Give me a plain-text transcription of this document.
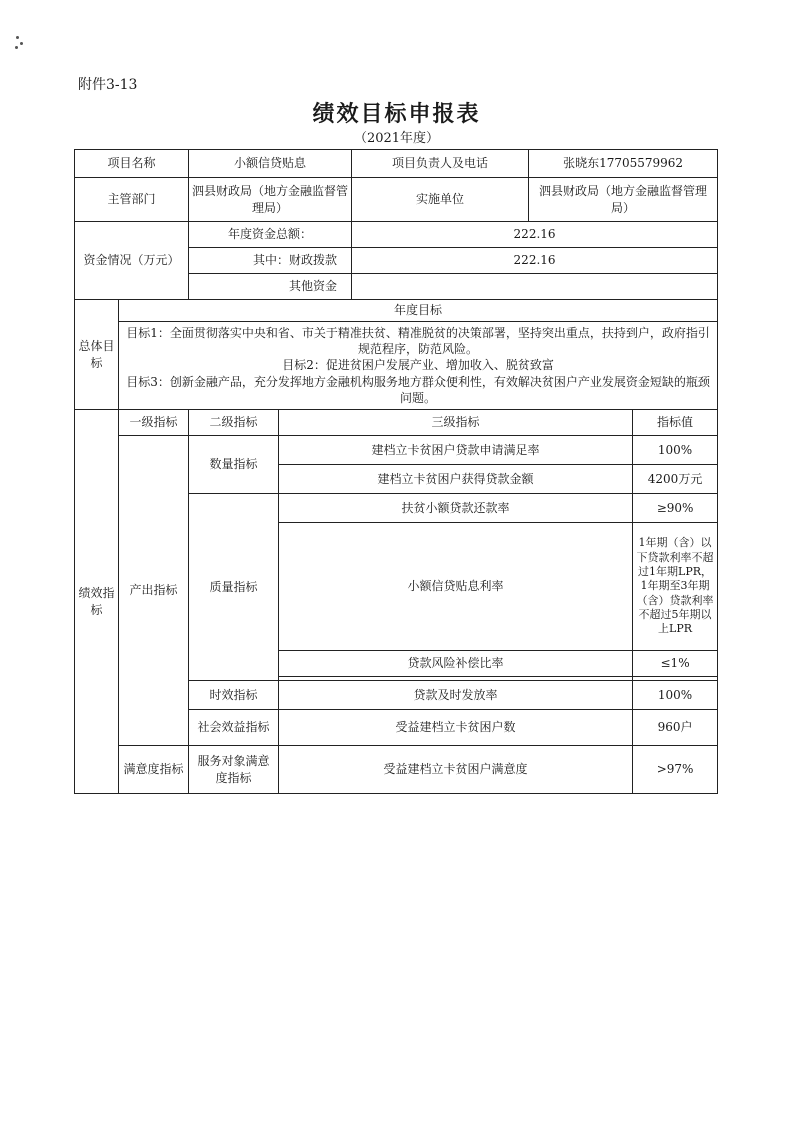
附件3-13
绩效目标申报表
（2021年度）
项目名称		小额信贷贴息		项目负责人及电话	张晓东17705579962	
主管部门		泗县财政局（地方金融监督管理局）		实施单位	泗县财政局（地方金融监督管理局）	
资金情况（万元）		年度资金总额：		222.16		
		其中：财政拨款		222.16		
		其他资金				
总体目标	年度目标					

	目标1：全面贯彻落实中央和省、市关于精准扶贫、精准脱贫的决策部署，坚持突出重点，扶持到户，政府指引规范程序，防范风险。
目标2：促进贫困户发展产业、增加收入、脱贫致富
目标3：创新金融产品，充分发挥地方金融机构服务地方群众便利性，有效解决贫困户产业发展资金短缺的瓶颈问题。					

绩效指标	一级指标	二级指标	三级指标			指标值
	产出指标	数量指标	建档立卡贫困户贷款申请满足率			100%
			建档立卡贫困户获得贷款金额			4200万元
		质量指标	扶贫小额贷款还款率			≥90%
			小额信贷贴息利率			1年期（含）以下贷款利率不超过1年期LPR，1年期至3年期（含）贷款利率不超过5年期以上LPR
			贷款风险补偿比率			≤1%

		时效指标	贷款及时发放率			100%
		社会效益指标	受益建档立卡贫困户数			960户
	满意度指标	服务对象满意度指标	受益建档立卡贫困户满意度			>97%
